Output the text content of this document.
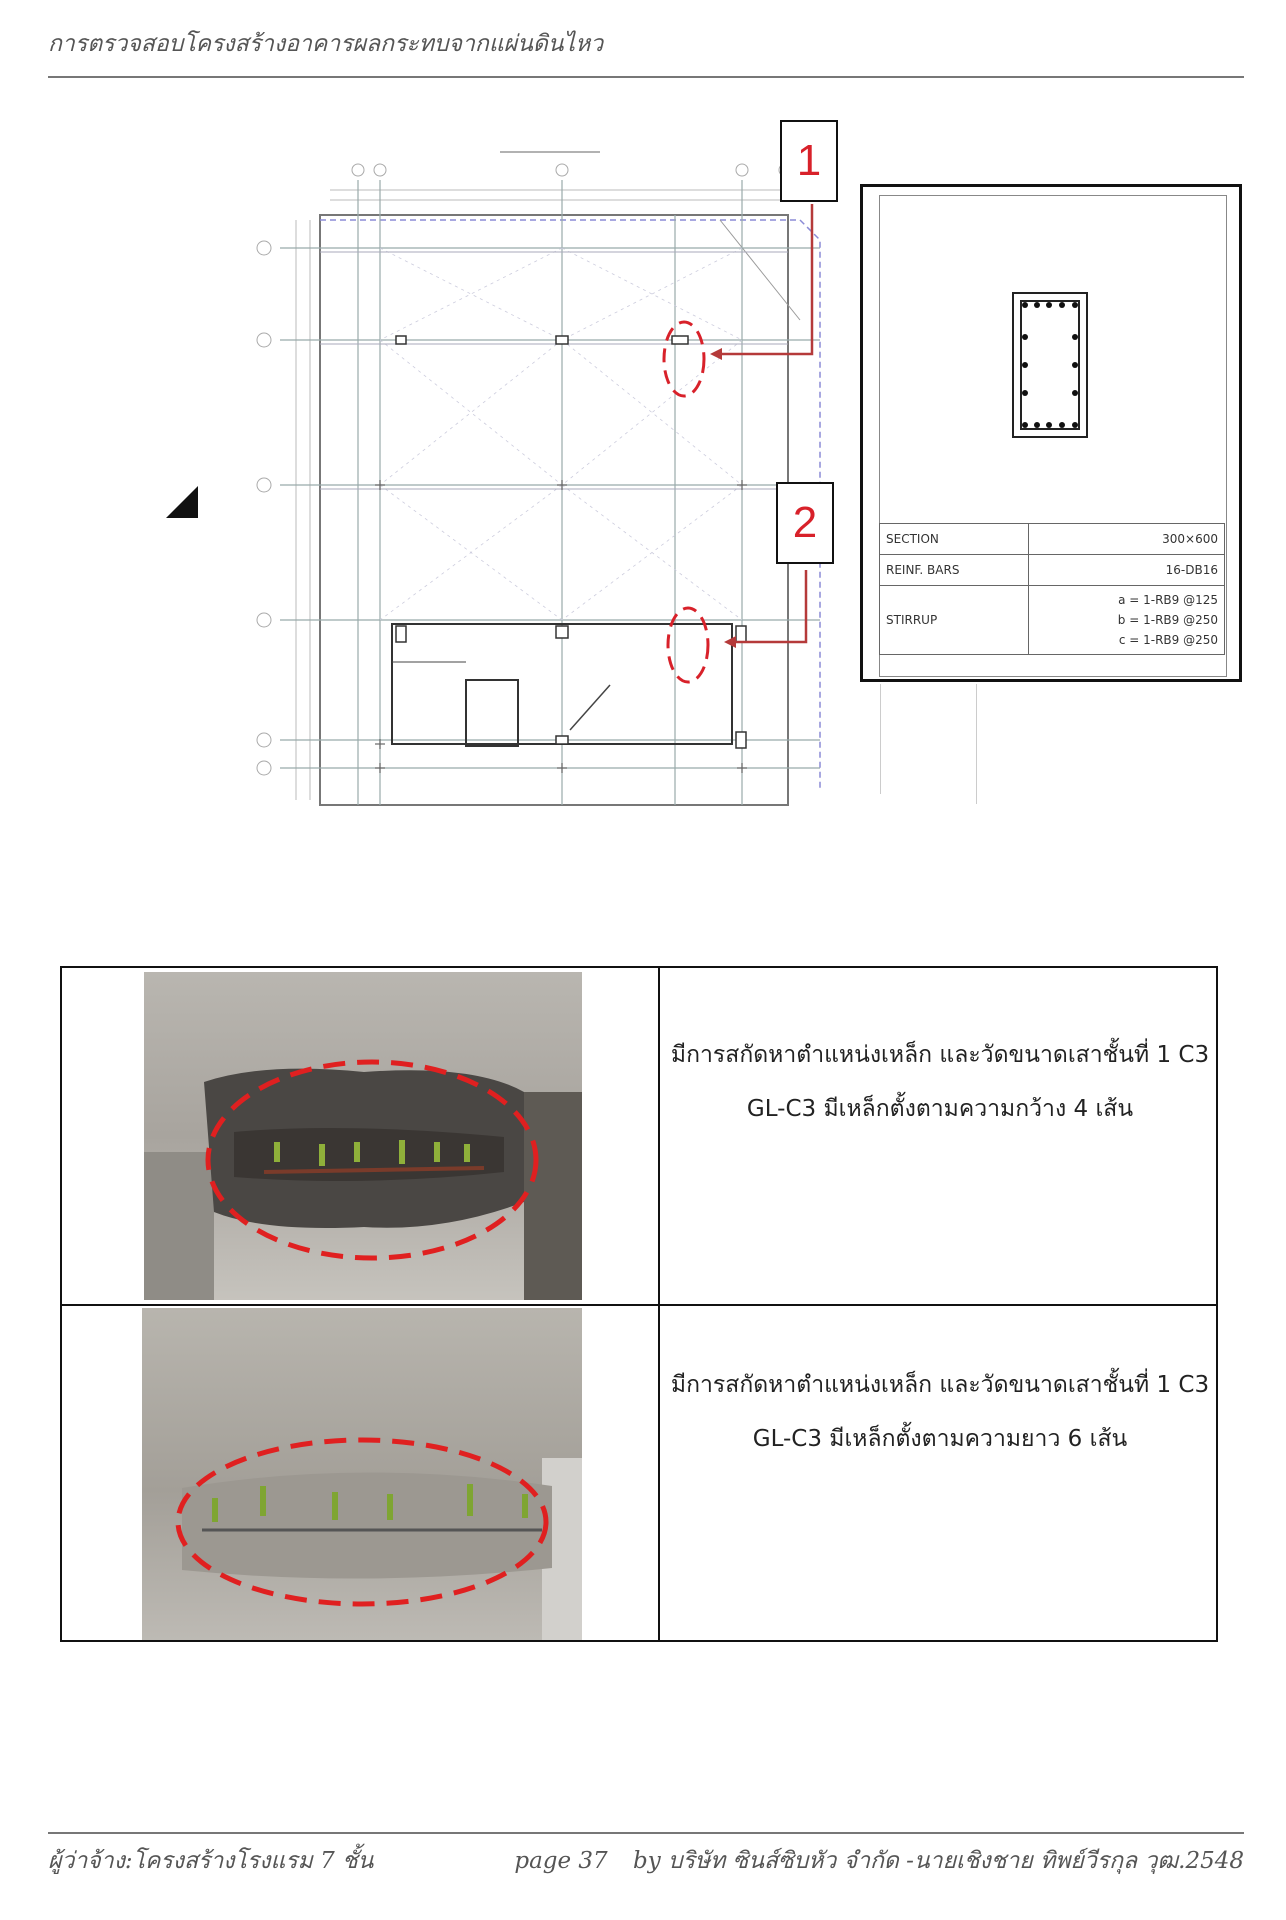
การตรวจสอบโครงสร้างอาคารผลกระทบจากแผ่นดินไหว
1
2	SECTION	300×600
REINF. BARS	16-DB16
STIRRUP	a = 1-RB9 @125
b = 1-RB9 @250
c = 1-RB9 @250
มีการสกัดหาตำแหน่งเหล็ก และวัดขนาดเสาชั้นที่ 1 C3 GL-C3 มีเหล็กตั้งตามความกว้าง 4 เส้น
มีการสกัดหาตำแหน่งเหล็ก และวัดขนาดเสาชั้นที่ 1 C3 GL-C3 มีเหล็กตั้งตามความยาว 6 เส้น
ผู้ว่าจ้าง:โครงสร้างโรงแรม 7 ชั้น	page 37 by บริษัท ซินส์ซิบหัว จำกัด -นายเชิงชาย ทิพย์วีรกุล วุฒ.2548
